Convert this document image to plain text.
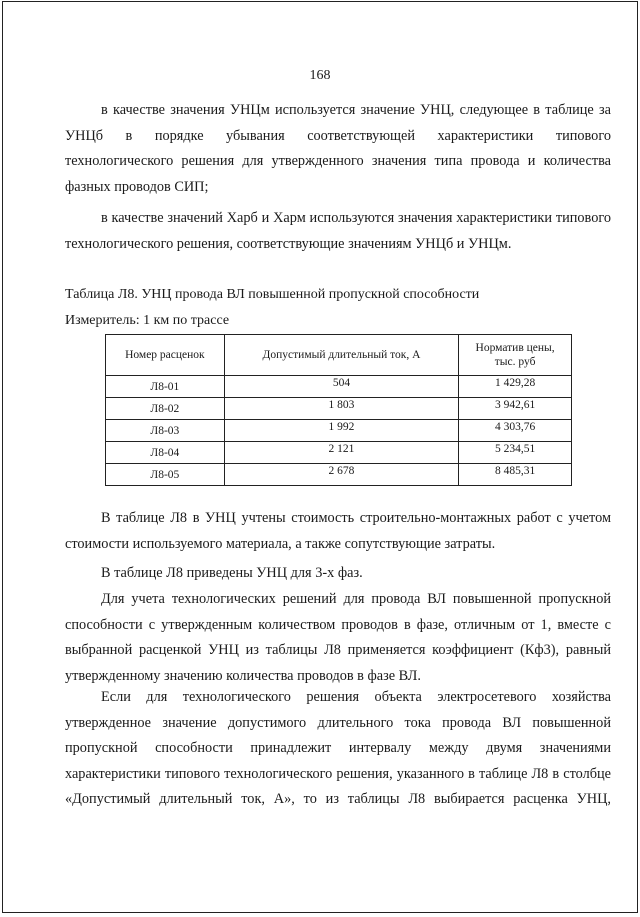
168
в качестве значения УНЦм используется значение УНЦ, следующее в таблице за
УНЦб в порядке убывания соответствующей характеристики типового
технологического решения для утвержденного значения типа провода и количества
фазных проводов СИП;
в качестве значений Харб и Харм используются значения характеристики типового
технологического решения, соответствующие значениям УНЦб и УНЦм.
Таблица Л8. УНЦ провода ВЛ повышенной пропускной способности
Измеритель: 1 км по трассе
Номер расценок	Допустимый длительный ток, А	Норматив цены,
тыс. руб
Л8-01	504	1 429,28
Л8-02	1 803	3 942,61
Л8-03	1 992	4 303,76
Л8-04	2 121	5 234,51
Л8-05	2 678	8 485,31
В таблице Л8 в УНЦ учтены стоимость строительно-монтажных работ с учетом
стоимости используемого материала, а также сопутствующие затраты.
В таблице Л8 приведены УНЦ для 3-х фаз.
Для учета технологических решений для провода ВЛ повышенной пропускной
способности с утвержденным количеством проводов в фазе, отличным от 1, вместе с
выбранной расценкой УНЦ из таблицы Л8 применяется коэффициент (Кф3), равный
утвержденному значению количества проводов в фазе ВЛ.
Если для технологического решения объекта электросетевого хозяйства
утвержденное значение допустимого длительного тока провода ВЛ повышенной
пропускной способности принадлежит интервалу между двумя значениями
характеристики типового технологического решения, указанного в таблице Л8 в столбце
«Допустимый длительный ток, А», то из таблицы Л8 выбирается расценка УНЦ,
